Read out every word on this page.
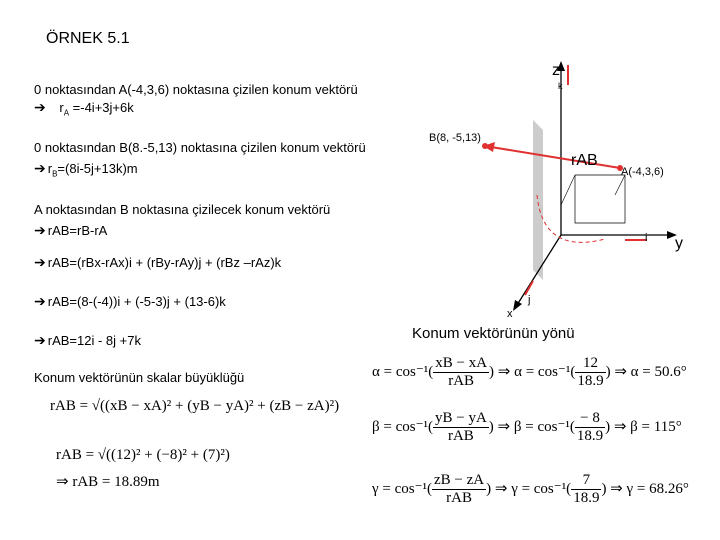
ÖRNEK 5.1
0 noktasından A(-4,3,6) noktasına çizilen konum vektörü
➔ $r_A =-4i+3j+6k$
0 noktasından B(8.-5,13) noktasına çizilen konum vektörü
➔ $r_B=(8i-5j+13k)m$
A noktasından B noktasına çizilecek konum vektörü
➔ rAB=rB-rA
➔ rAB=(rBx-rAx)i + (rBy-rAy)j + (rBz –rAz)k
➔ rAB=(8-(-4))i + (-5-3)j + (13-6)k
➔ rAB=12i - 8j +7k
Konum vektörünün skalar büyüklüğü
rAB = √((xB − xA)² + (yB − yA)² + (zB − zA)²)
rAB = √((12)² + (−8)² + (7)²)
⇒ rAB = 18.89m
z
k
i y
j
x
B(8, -5,13)
A(-4,3,6)
rAB
Konum vektörünün yönü
$\alpha = \cos^{-1}( \frac{xB - xA}{\text{rAB}}$ ) ⇒ $\alpha = \cos^{-1}( \frac{12}{18.9}$ ) ⇒ α = 50.6°
$\beta = \cos^{-1}( \frac{yB - yA}{\text{rAB}}$ ) ⇒ $\beta = \cos^{-1}( \frac{- 8}{18.9}$ ) ⇒ β = 115°
$\gamma = \cos^{-1}( \frac{zB - zA}{\text{rAB}}$ ) ⇒ $\gamma = \cos^{-1}( \frac{7}{18.9}$ ) ⇒ γ = 68.26°
